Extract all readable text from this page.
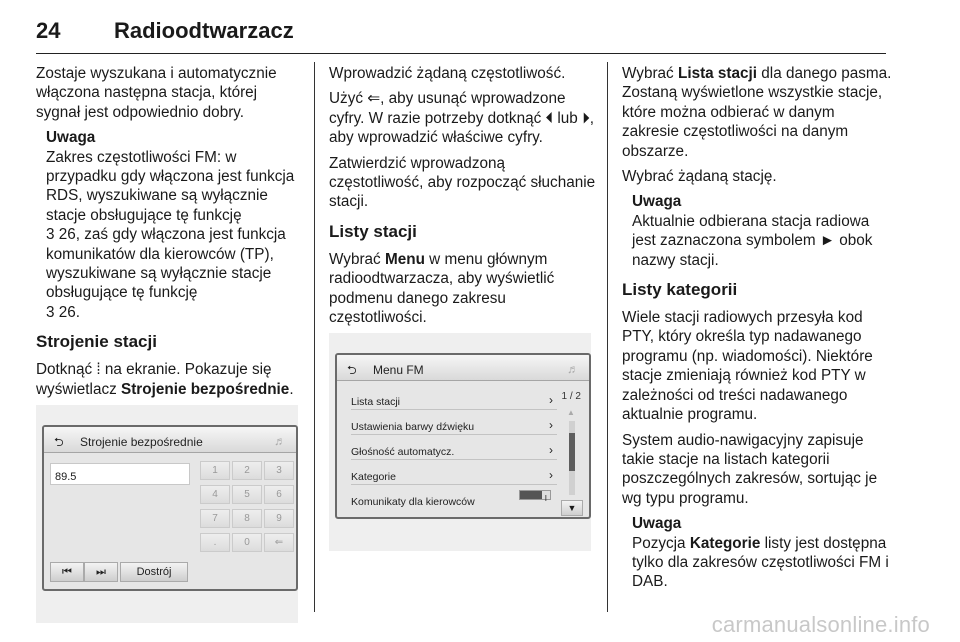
24 Radioodtwarzacz

Zostaje wyszukana i automatycznie włączona następna stacja, której sygnał jest odpowiednio dobry.

Uwaga
Zakres częstotliwości FM: w przypadku gdy włączona jest funkcja RDS, wyszukiwane są wyłącznie stacje obsługujące tę funkcję
3 26, zaś gdy włączona jest funkcja komunikatów dla kierowców (TP), wyszukiwane są wyłącznie stacje obsługujące tę funkcję
3 26.
Strojenie stacji

Dotknąć ⁞ na ekranie. Pokazuje się wyświetlacz Strojenie bezpośrednie.

⮌ Strojenie bezpośrednie	♬
89.5
1	2	3
4	5	6
7	8	9
.	0	⇐
⏮	⏭	Dostrój

Wprowadzić żądaną częstotliwość.

Użyć ⇐, aby usunąć wprowadzone cyfry. W razie potrzeby dotknąć ⏴ lub ⏵, aby wprowadzić właściwe cyfry.

Zatwierdzić wprowadzoną częstotliwość, aby rozpocząć słuchanie stacji.

Listy stacji

Wybrać Menu w menu głównym radioodtwarzacza, aby wyświetlić podmenu danego zakresu częstotliwości.

⮌ Menu FM	♬
Lista stacji	›
Ustawienia barwy dźwięku	›
Głośność automatycz.	›
Kategorie	›
Komunikaty dla kierowców	I
1 / 2
▲
▼

Wybrać Lista stacji dla danego pasma. Zostaną wyświetlone wszystkie stacje, które można odbierać w danym zakresie częstotliwości na danym obszarze.

Wybrać żądaną stację.

Uwaga
Aktualnie odbierana stacja radiowa jest zaznaczona symbolem ► obok nazwy stacji.
Listy kategorii

Wiele stacji radiowych przesyła kod PTY, który określa typ nadawanego programu (np. wiadomości). Niektóre stacje zmieniają również kod PTY w zależności od treści nadawanego aktualnie programu.

System audio-nawigacyjny zapisuje takie stacje na listach kategorii poszczególnych zakresów, sortując je wg typu programu.

Uwaga
Pozycja Kategorie listy jest dostępna tylko dla zakresów częstotliwości FM i DAB.
carmanualsonline.info
